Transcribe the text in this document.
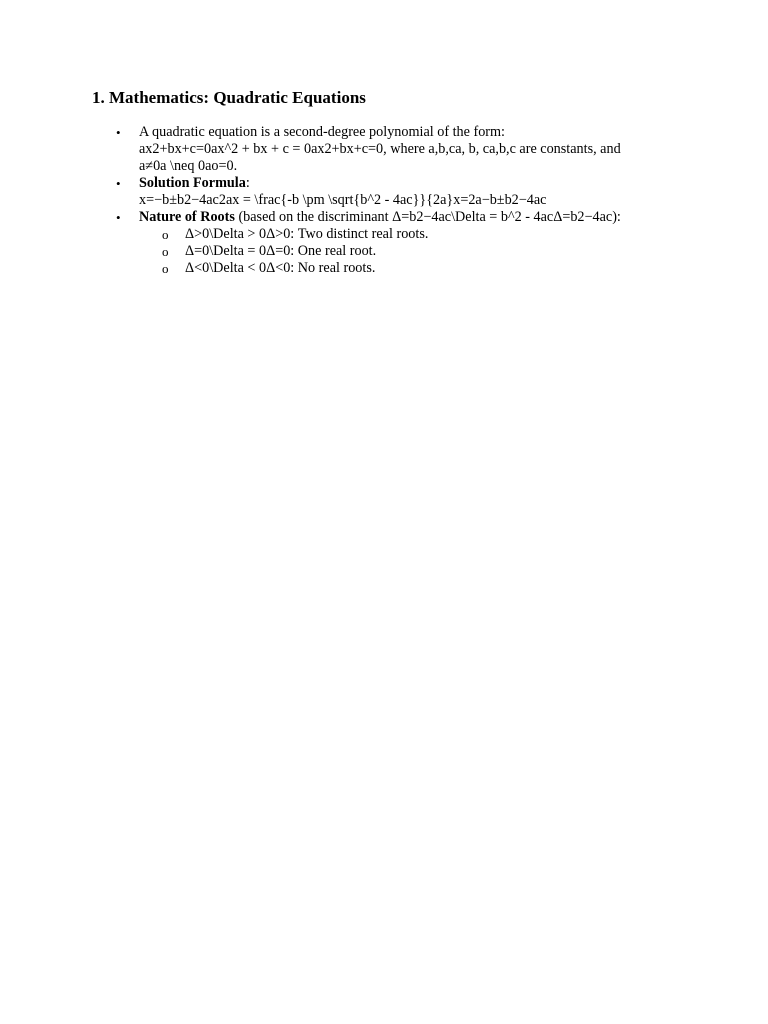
1. Mathematics: Quadratic Equations
• A quadratic equation is a second-degree polynomial of the form:
ax2+bx+c=0ax^2 + bx + c = 0ax2+bx+c=0, where a,b,ca, b, ca,b,c are constants, and
a≠0a \neq 0ao=0.
• Solution Formula:
x=−b±b2−4ac2ax = \frac{-b \pm \sqrt{b^2 - 4ac}}{2a}x=2a−b±b2−4ac
• Nature of Roots (based on the discriminant Δ=b2−4ac\Delta = b^2 - 4acΔ=b2−4ac):
o Δ>0\Delta > 0Δ>0: Two distinct real roots.
o Δ=0\Delta = 0Δ=0: One real root.
o Δ<0\Delta < 0Δ<0: No real roots.
